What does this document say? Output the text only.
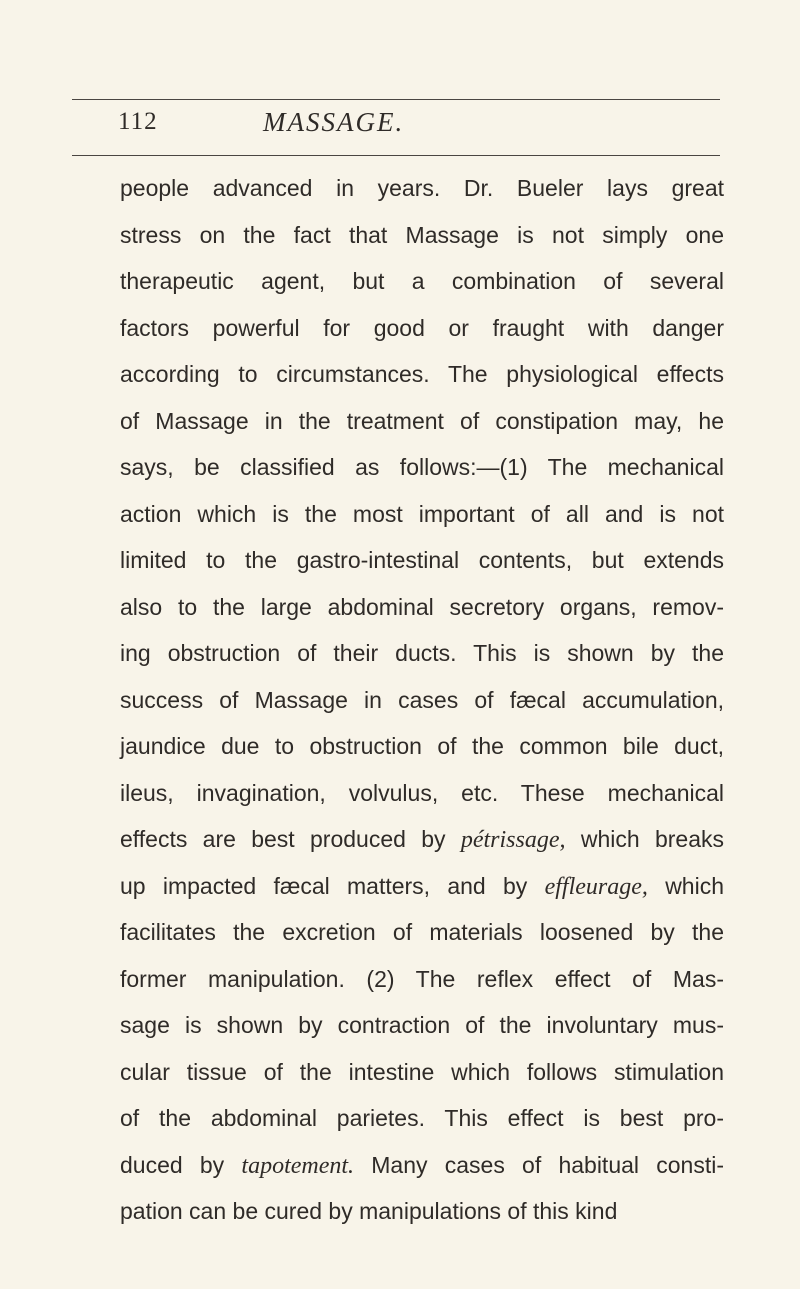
112	MASSAGE.
people advanced in years. Dr. Bueler lays great
stress on the fact that Massage is not simply one
therapeutic agent, but a combination of several
factors powerful for good or fraught with danger
according to circumstances. The physiological effects
of Massage in the treatment of constipation may, he
says, be classified as follows:—(1) The mechanical
action which is the most important of all and is not
limited to the gastro-intestinal contents, but extends
also to the large abdominal secretory organs, remov-
ing obstruction of their ducts. This is shown by the
success of Massage in cases of fæcal accumulation,
jaundice due to obstruction of the common bile duct,
ileus, invagination, volvulus, etc. These mechanical
effects are best produced by pétrissage, which breaks
up impacted fæcal matters, and by effleurage, which
facilitates the excretion of materials loosened by the
former manipulation. (2) The reflex effect of Mas-
sage is shown by contraction of the involuntary mus-
cular tissue of the intestine which follows stimulation
of the abdominal parietes. This effect is best pro-
duced by tapotement. Many cases of habitual consti-
pation can be cured by manipulations of this kind
